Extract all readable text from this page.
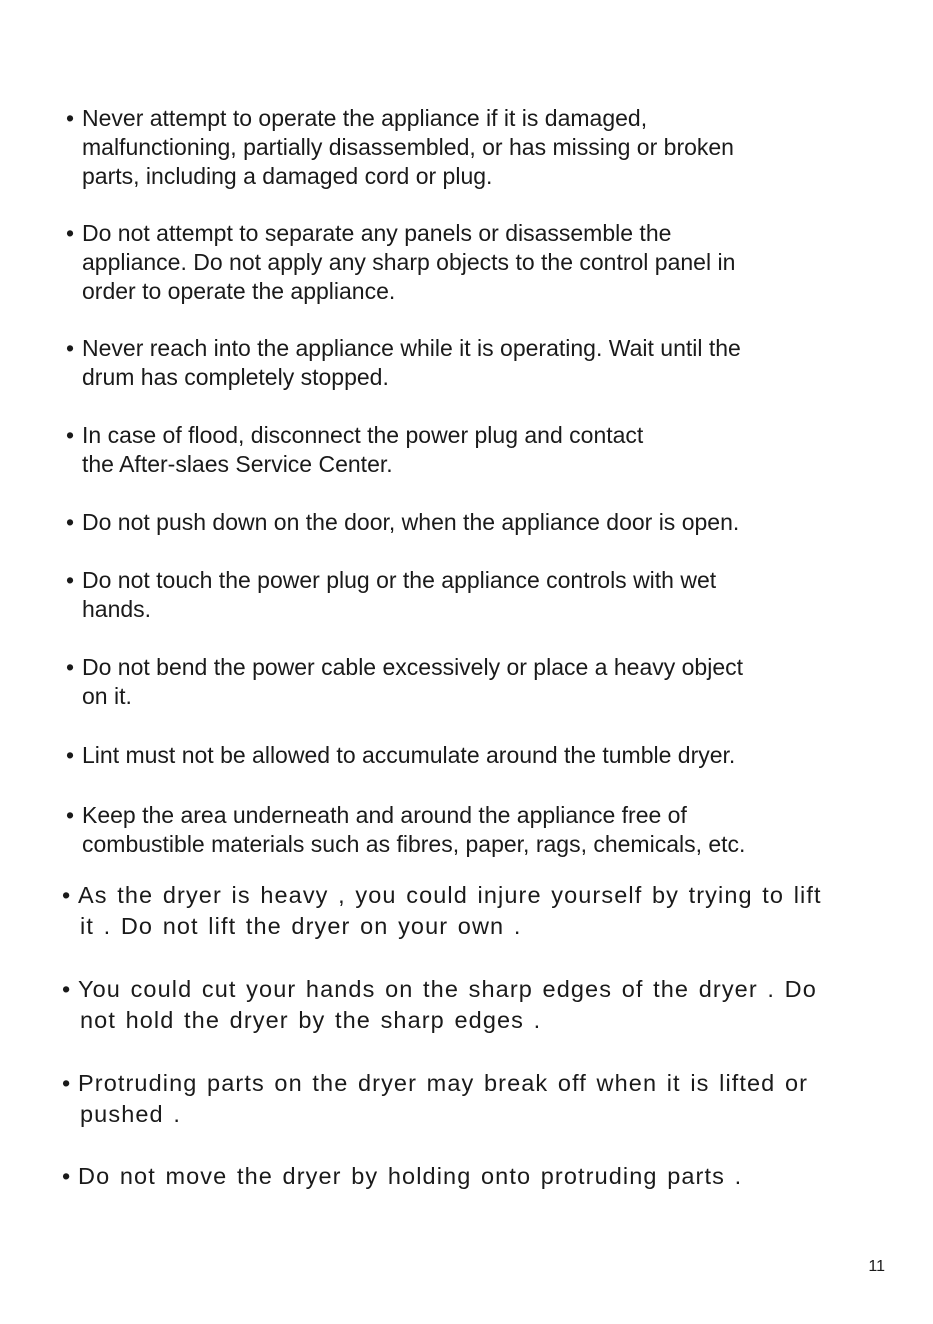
• Never attempt to operate the appliance if it is damaged,
malfunctioning, partially disassembled, or has missing or broken
parts, including a damaged cord or plug.
• Do not attempt to separate any panels or disassemble the
appliance. Do not apply any sharp objects to the control panel in
order to operate the appliance.
• Never reach into the appliance while it is operating. Wait until the
drum has completely stopped.
• In case of flood, disconnect the power plug and contact
the After-slaes Service Center.
• Do not push down on the door, when the appliance door is open.
• Do not touch the power plug or the appliance controls with wet
hands.
• Do not bend the power cable excessively or place a heavy object
on it.
• Lint must not be allowed to accumulate around the tumble dryer.
• Keep the area underneath and around the appliance free of
combustible materials such as fibres, paper, rags, chemicals, etc.
• As the dryer is heavy , you could injure yourself by trying to lift
it . Do not lift the dryer on your own .
• You could cut your hands on the sharp edges of the dryer . Do
not hold the dryer by the sharp edges .
• Protruding parts on the dryer may break off when it is lifted or
pushed .
• Do not move the dryer by holding onto protruding parts .
11
